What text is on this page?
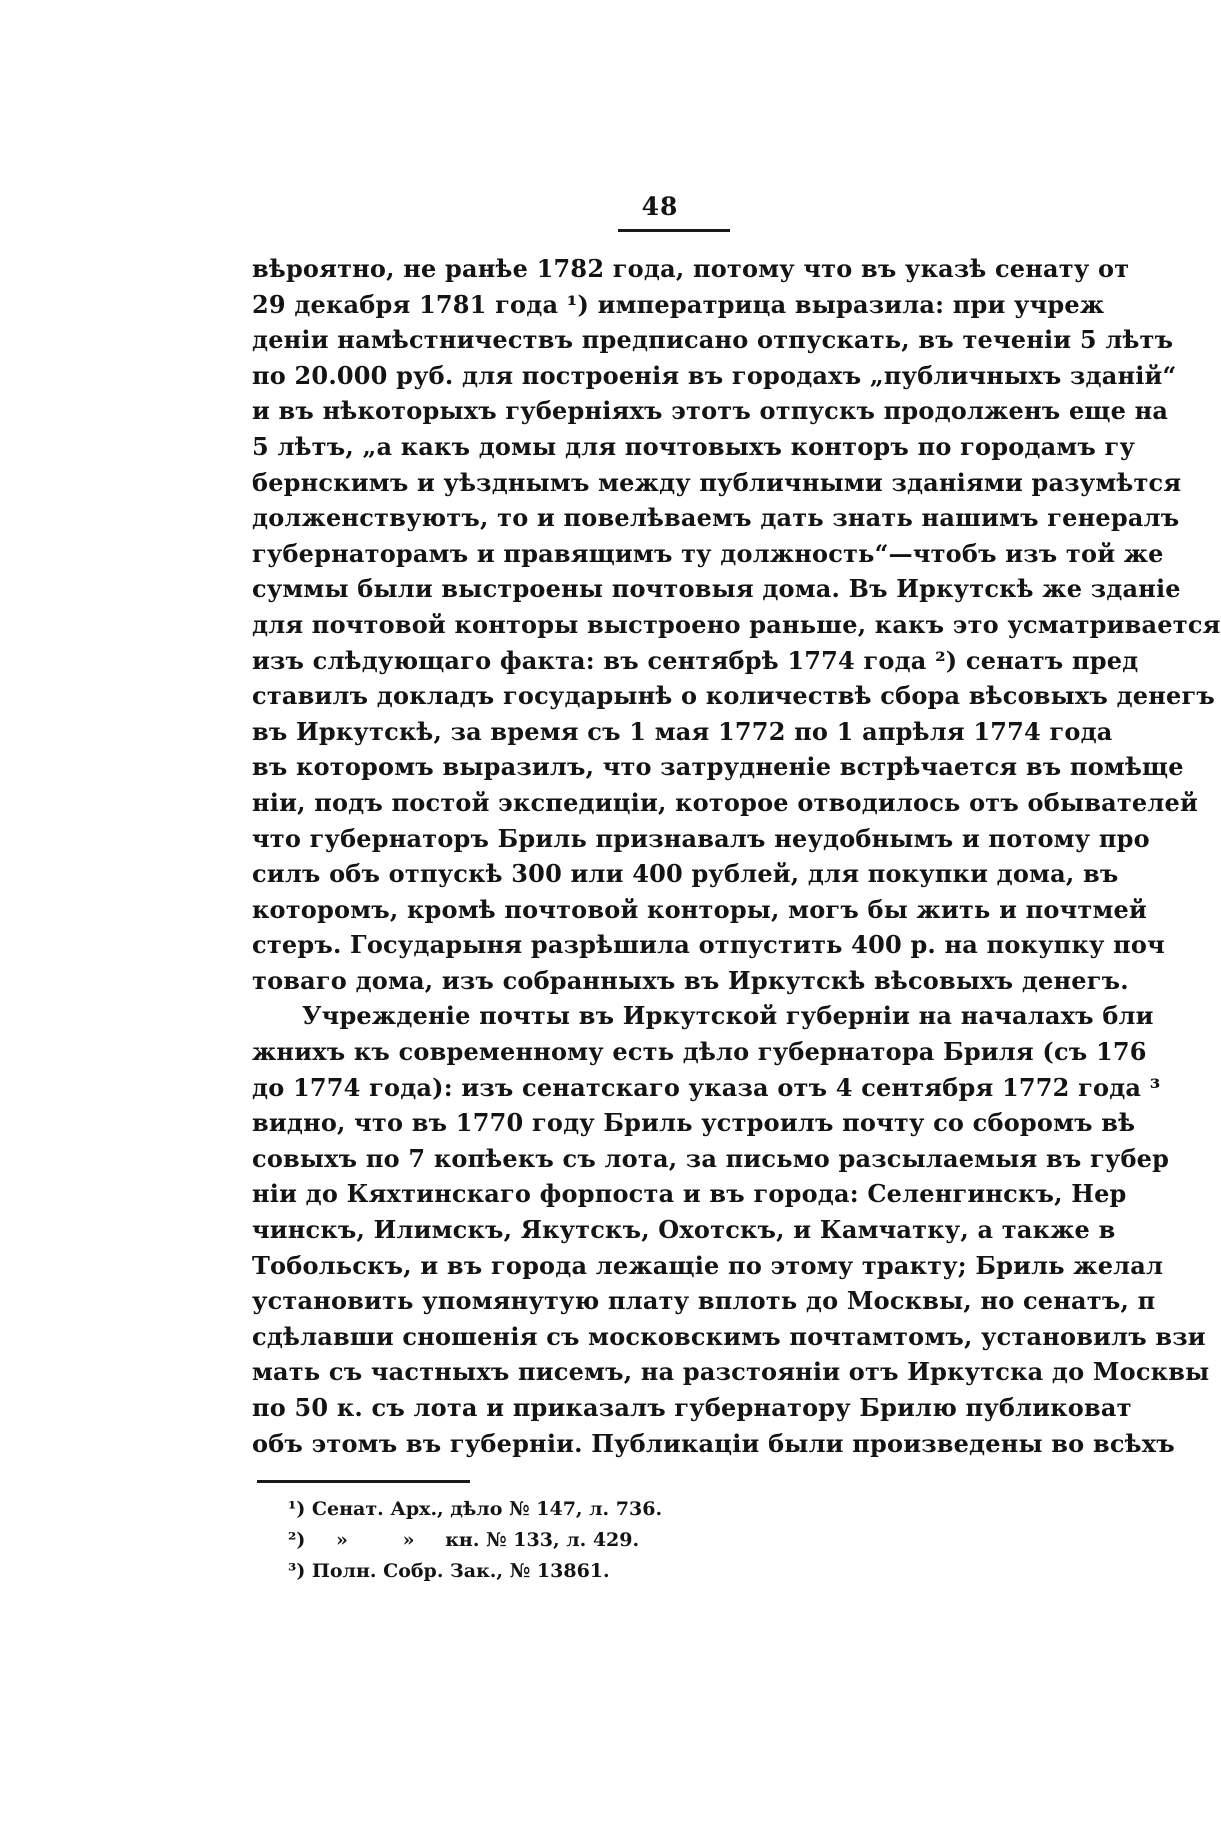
48
вѣроятно, не ранѣе 1782 года, потому что въ указѣ сенату от
29 декабря 1781 года ¹) императрица выразила: при учреж
деніи намѣстничествъ предписано отпускать, въ теченіи 5 лѣтъ
по 20.000 руб. для построенія въ городахъ „публичныхъ зданій“
и въ нѣкоторыхъ губерніяхъ этотъ отпускъ продолженъ еще на
5 лѣтъ, „а какъ домы для почтовыхъ конторъ по городамъ гу
бернскимъ и уѣзднымъ между публичными зданіями разумѣтся
долженствуютъ, то и повелѣваемъ дать знать нашимъ генералъ
губернаторамъ и правящимъ ту должность“—чтобъ изъ той же
суммы были выстроены почтовыя дома. Въ Иркутскѣ же зданіе
для почтовой конторы выстроено раньше, какъ это усматривается
изъ слѣдующаго факта: въ сентябрѣ 1774 года ²) сенатъ пред
ставилъ докладъ государынѣ о количествѣ сбора вѣсовыхъ денегъ
въ Иркутскѣ, за время съ 1 мая 1772 по 1 апрѣля 1774 года
въ которомъ выразилъ, что затрудненіе встрѣчается въ помѣще
ніи, подъ постой экспедиціи, которое отводилось отъ обывателей
что губернаторъ Бриль признавалъ неудобнымъ и потому про
силъ объ отпускѣ 300 или 400 рублей, для покупки дома, въ
которомъ, кромѣ почтовой конторы, могъ бы жить и почтмей
стеръ. Государыня разрѣшила отпустить 400 р. на покупку поч
товаго дома, изъ собранныхъ въ Иркутскѣ вѣсовыхъ денегъ.
Учрежденіе почты въ Иркутской губерніи на началахъ бли
жнихъ къ современному есть дѣло губернатора Бриля (съ 176
до 1774 года): изъ сенатскаго указа отъ 4 сентября 1772 года ³
видно, что въ 1770 году Бриль устроилъ почту со сборомъ вѣ
совыхъ по 7 копѣекъ съ лота, за письмо разсылаемыя въ губер
ніи до Кяхтинскаго форпоста и въ города: Селенгинскъ, Нер
чинскъ, Илимскъ, Якутскъ, Охотскъ, и Камчатку, а также в
Тобольскъ, и въ города лежащіе по этому тракту; Бриль желал
установить упомянутую плату вплоть до Москвы, но сенатъ, п
сдѣлавши сношенія съ московскимъ почтамтомъ, установилъ взи
мать съ частныхъ писемъ, на разстояніи отъ Иркутска до Москвы
по 50 к. съ лота и приказалъ губернатору Брилю публиковат
объ этомъ въ губерніи. Публикаціи были произведены во всѣхъ
¹) Сенат. Арх., дѣло № 147, л. 736.
²) »	» кн. № 133, л. 429.
³) Полн. Собр. Зак., № 13861.
